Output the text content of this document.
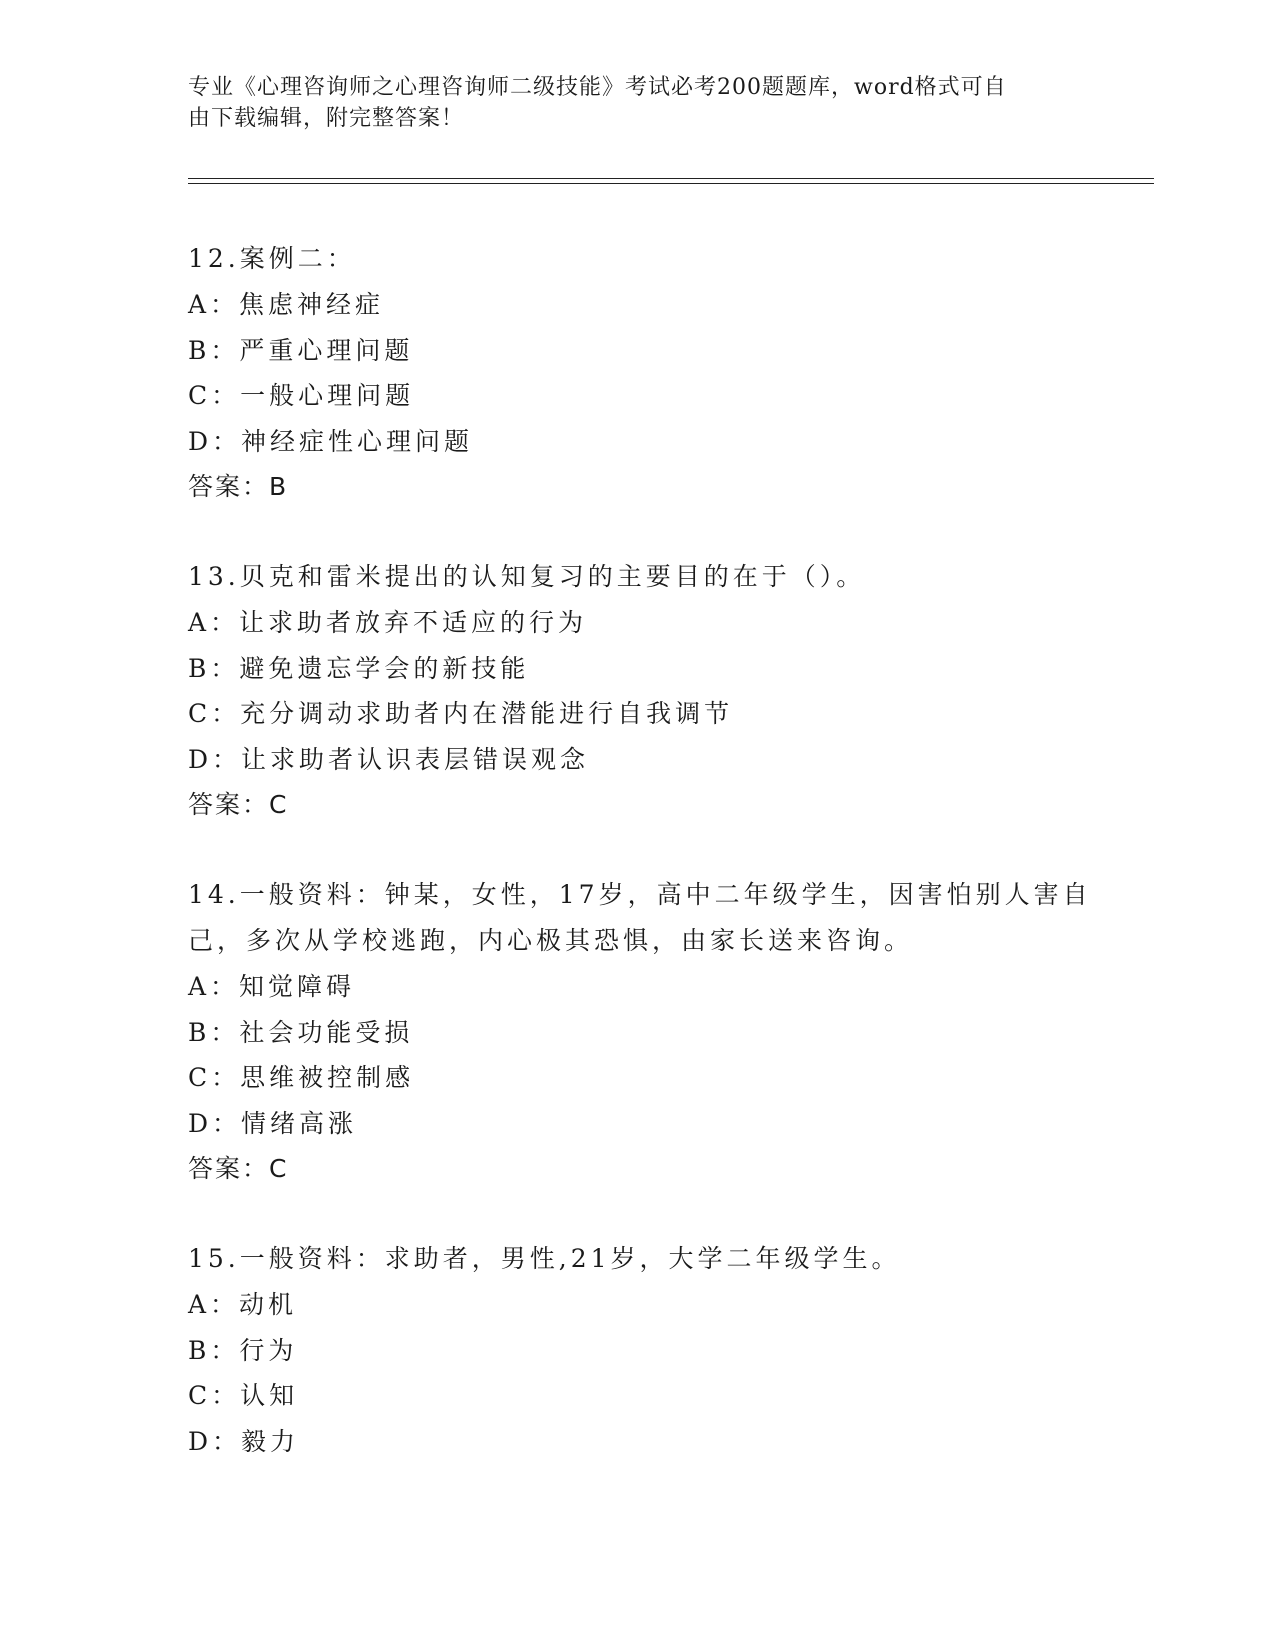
专业《心理咨询师之心理咨询师二级技能》考试必考200题题库，word格式可自
由下载编辑，附完整答案！
12.案例二：
A：焦虑神经症
B：严重心理问题
C：一般心理问题
D：神经症性心理问题
答案：B
13.贝克和雷米提出的认知复习的主要目的在于（）。
A：让求助者放弃不适应的行为
B：避免遗忘学会的新技能
C：充分调动求助者内在潜能进行自我调节
D：让求助者认识表层错误观念
答案：C
14.一般资料：钟某，女性，17岁，高中二年级学生，因害怕别人害自
己，多次从学校逃跑，内心极其恐惧，由家长送来咨询。
A：知觉障碍
B：社会功能受损
C：思维被控制感
D：情绪高涨
答案：C
15.一般资料：求助者，男性,21岁，大学二年级学生。
A：动机
B：行为
C：认知
D：毅力
